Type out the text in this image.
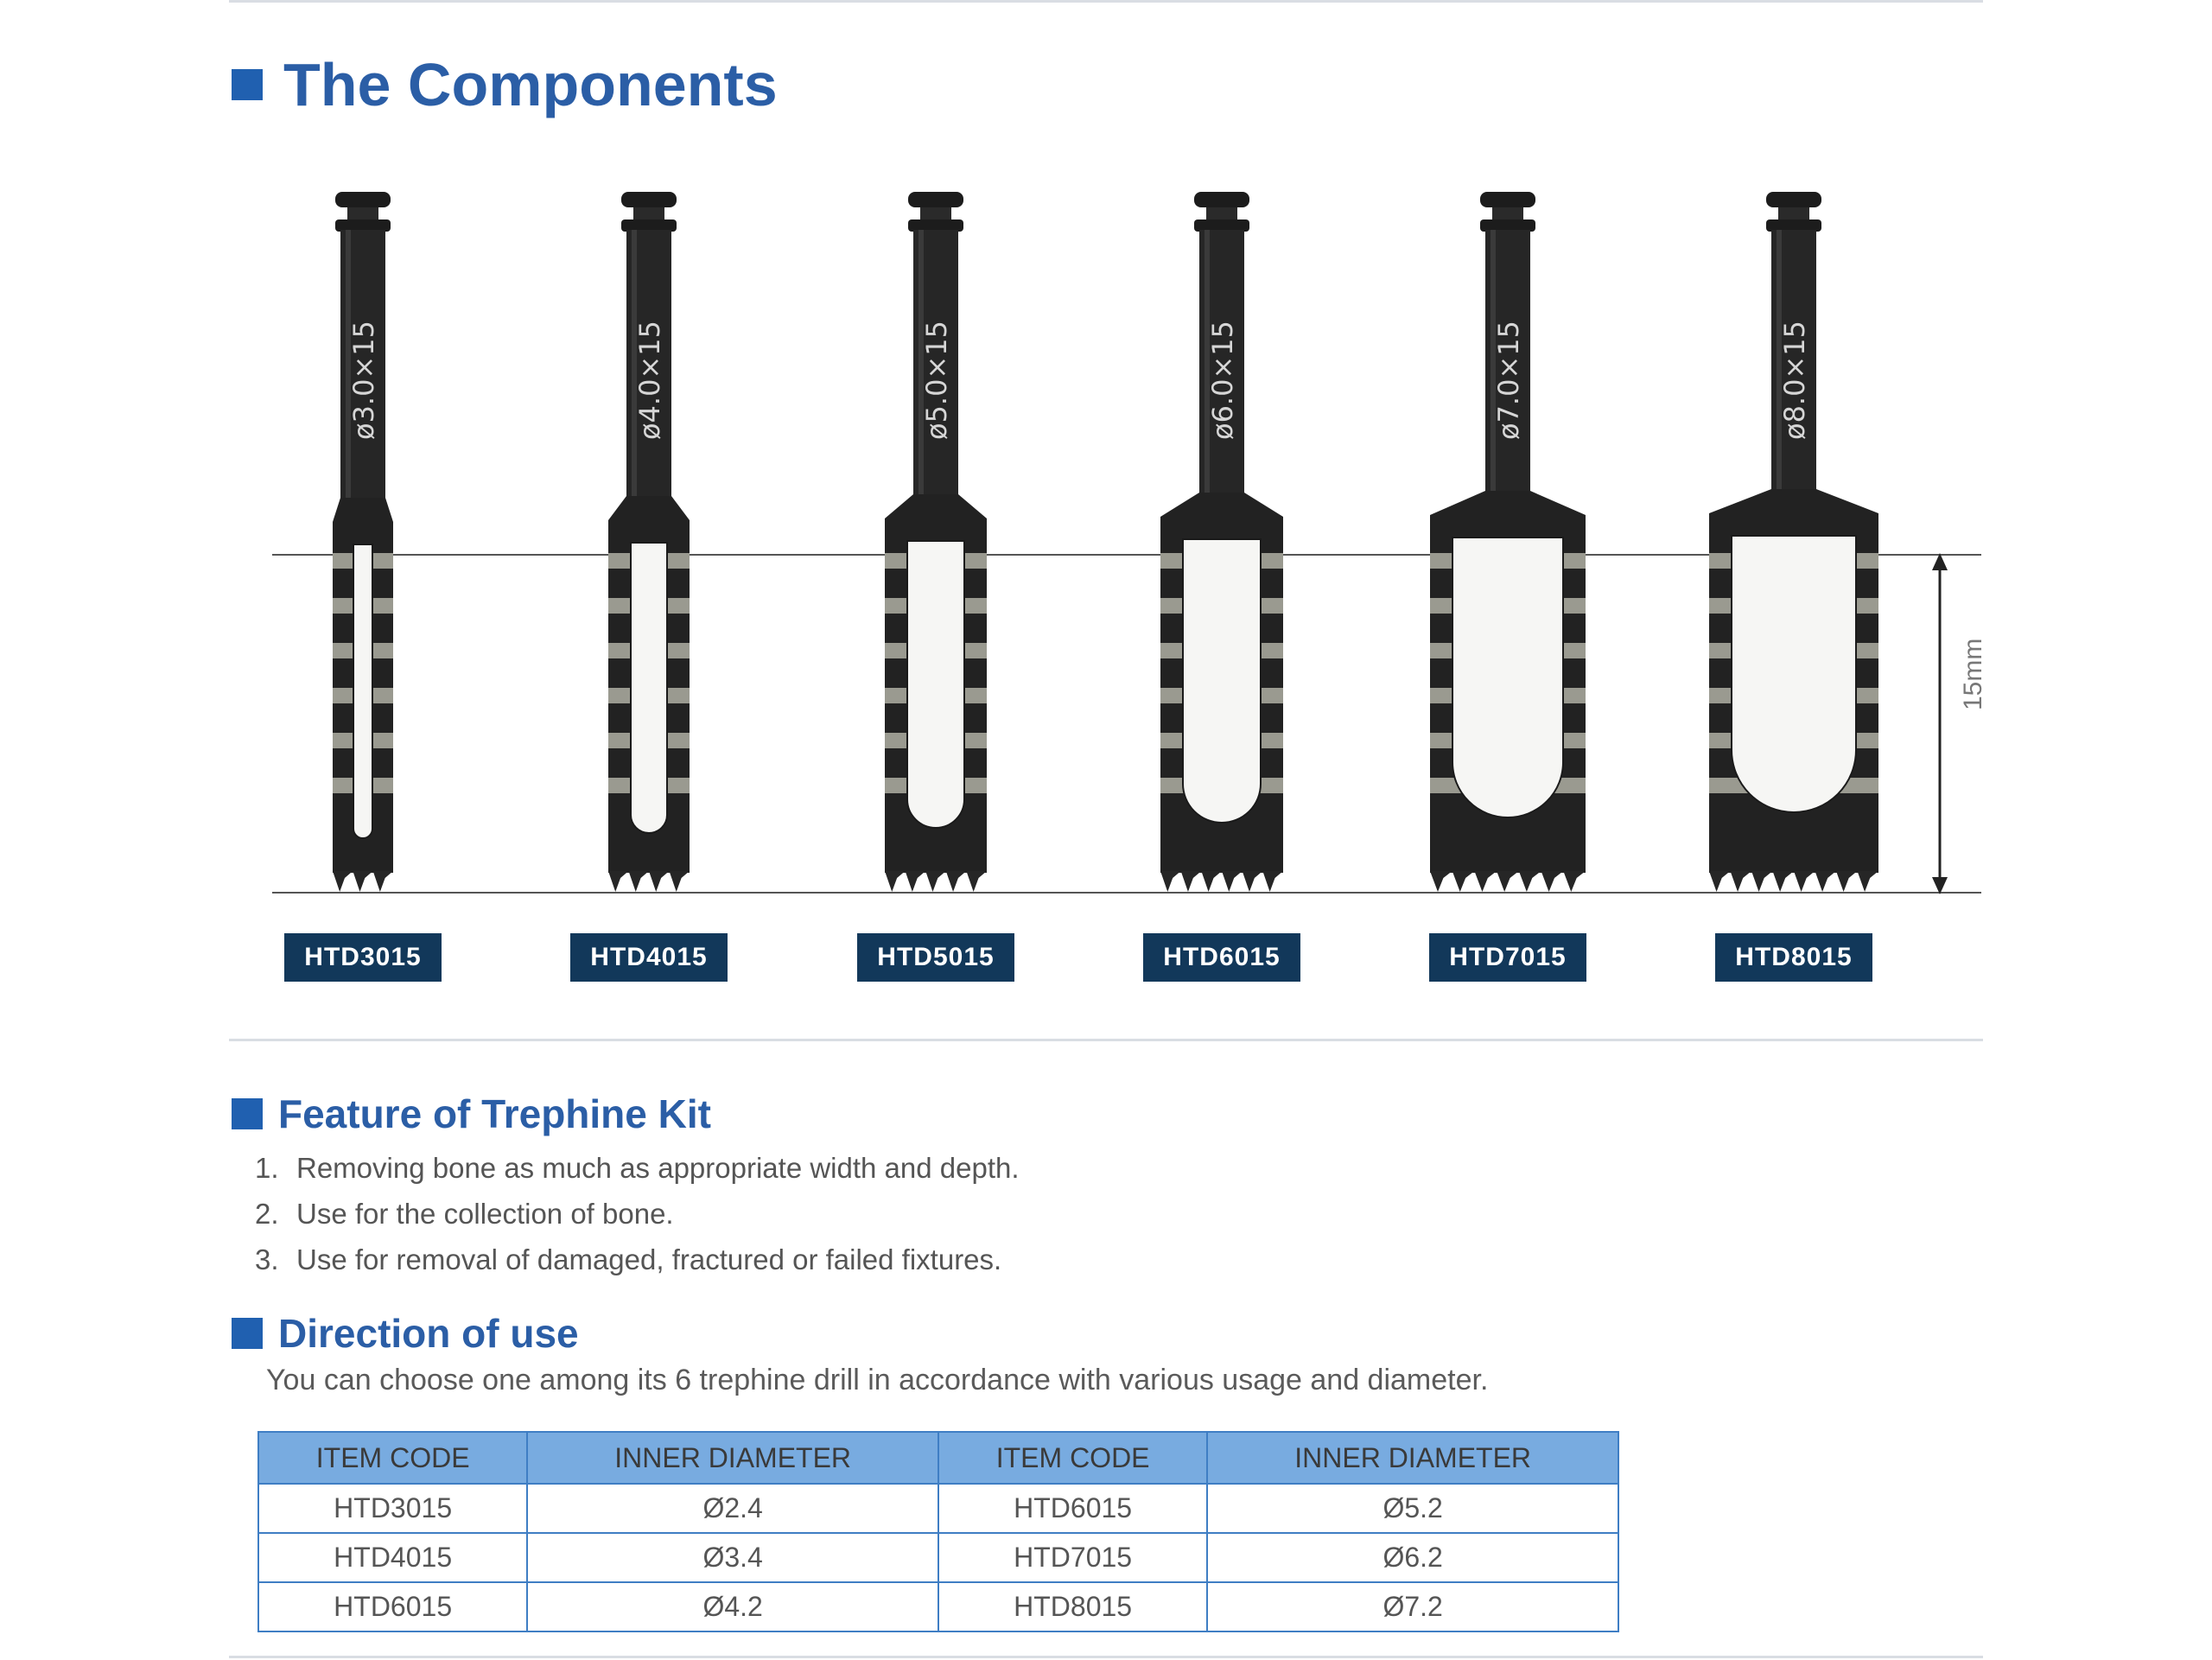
The Components
15mm
ø3.0×15
HTD3015
ø4.0×15
HTD4015
ø5.0×15
HTD5015
ø6.0×15
HTD6015
ø7.0×15
HTD7015
ø8.0×15
HTD8015
Feature of Trephine Kit
1. Removing bone as much as appropriate width and depth.
2. Use for the collection of bone.
3. Use for removal of damaged, fractured or failed fixtures.
Direction of use
You can choose one among its 6 trephine drill in accordance with various usage and diameter.
ITEM CODE	INNER DIAMETER	ITEM CODE	INNER DIAMETER
HTD3015	Ø2.4	HTD6015	Ø5.2
HTD4015	Ø3.4	HTD7015	Ø6.2
HTD6015	Ø4.2	HTD8015	Ø7.2
